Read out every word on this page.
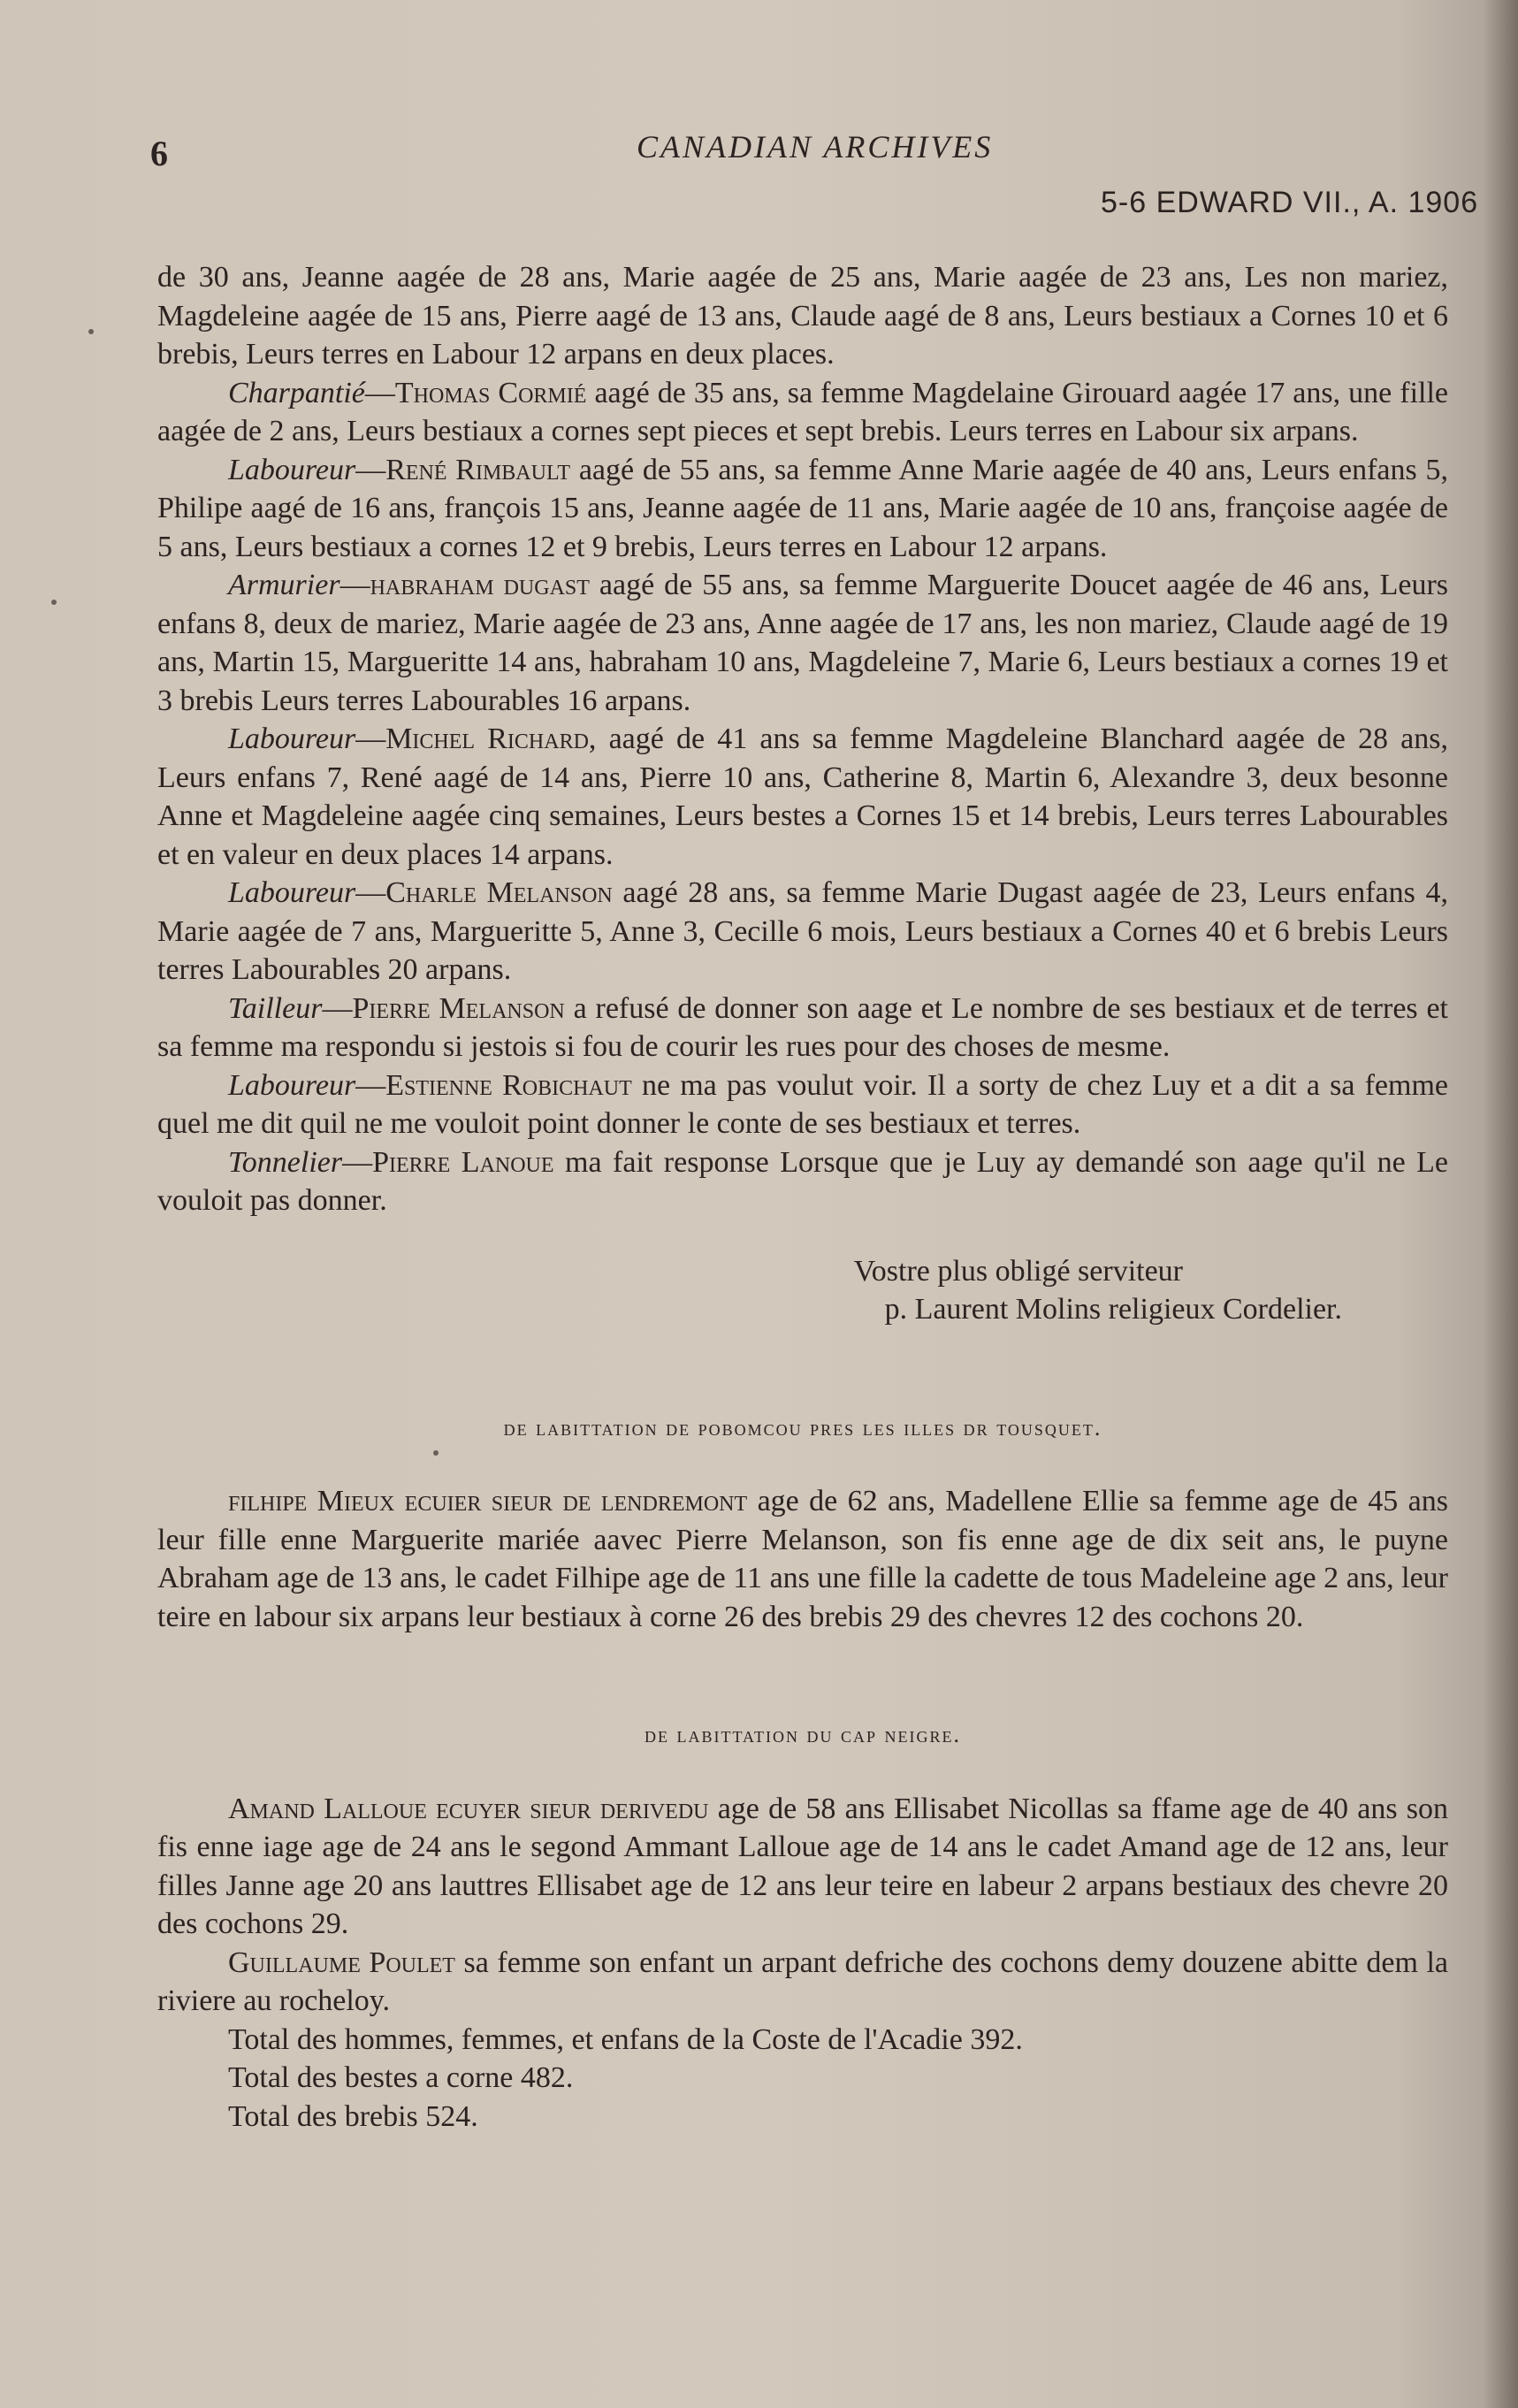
6	CANADIAN ARCHIVES
5-6 EDWARD VII., A. 1906

de 30 ans, Jeanne aagée de 28 ans, Marie aagée de 25 ans, Marie aagée de 23 ans, Les non mariez, Magdeleine aagée de 15 ans, Pierre aagé de 13 ans, Claude aagé de 8 ans, Leurs bestiaux a Cornes 10 et 6 brebis, Leurs terres en Labour 12 arpans en deux places.

Charpantié—Thomas Cormié aagé de 35 ans, sa femme Magdelaine Girouard aagée 17 ans, une fille aagée de 2 ans, Leurs bestiaux a cornes sept pieces et sept brebis. Leurs terres en Labour six arpans.

Laboureur—René Rimbault aagé de 55 ans, sa femme Anne Marie aagée de 40 ans, Leurs enfans 5, Philipe aagé de 16 ans, françois 15 ans, Jeanne aagée de 11 ans, Marie aagée de 10 ans, françoise aagée de 5 ans, Leurs bestiaux a cornes 12 et 9 brebis, Leurs terres en Labour 12 arpans.

Armurier—habraham dugast aagé de 55 ans, sa femme Marguerite Doucet aagée de 46 ans, Leurs enfans 8, deux de mariez, Marie aagée de 23 ans, Anne aagée de 17 ans, les non mariez, Claude aagé de 19 ans, Martin 15, Margueritte 14 ans, habraham 10 ans, Magdeleine 7, Marie 6, Leurs bestiaux a cornes 19 et 3 brebis Leurs terres Labourables 16 arpans.

Laboureur—Michel Richard, aagé de 41 ans sa femme Magdeleine Blanchard aagée de 28 ans, Leurs enfans 7, René aagé de 14 ans, Pierre 10 ans, Catherine 8, Martin 6, Alexandre 3, deux besonne Anne et Magdeleine aagée cinq semaines, Leurs bestes a Cornes 15 et 14 brebis, Leurs terres Labourables et en valeur en deux places 14 arpans.

Laboureur—Charle Melanson aagé 28 ans, sa femme Marie Dugast aagée de 23, Leurs enfans 4, Marie aagée de 7 ans, Margueritte 5, Anne 3, Cecille 6 mois, Leurs bestiaux a Cornes 40 et 6 brebis Leurs terres Labourables 20 arpans.

Tailleur—Pierre Melanson a refusé de donner son aage et Le nombre de ses bestiaux et de terres et sa femme ma respondu si jestois si fou de courir les rues pour des choses de mesme.

Laboureur—Estienne Robichaut ne ma pas voulut voir. Il a sorty de chez Luy et a dit a sa femme quel me dit quil ne me vouloit point donner le conte de ses bestiaux et terres.

Tonnelier—Pierre Lanoue ma fait response Lorsque que je Luy ay demandé son aage qu'il ne Le vouloit pas donner.

Vostre plus obligé serviteur

p. Laurent Molins religieux Cordelier.

de labittation de pobomcou pres les illes dr tousquet.

filhipe Mieux ecuier sieur de lendremont age de 62 ans, Madellene Ellie sa femme age de 45 ans leur fille enne Marguerite mariée aavec Pierre Melanson, son fis enne age de dix seit ans, le puyne Abraham age de 13 ans, le cadet Filhipe age de 11 ans une fille la cadette de tous Madeleine age 2 ans, leur teire en labour six arpans leur bestiaux à corne 26 des brebis 29 des chevres 12 des cochons 20.

de labittation du cap neigre.

Amand Lalloue ecuyer sieur derivedu age de 58 ans Ellisabet Nicollas sa ffame age de 40 ans son fis enne iage age de 24 ans le segond Ammant Lalloue age de 14 ans le cadet Amand age de 12 ans, leur filles Janne age 20 ans lauttres Ellisabet age de 12 ans leur teire en labeur 2 arpans bestiaux des chevre 20 des cochons 29.

Guillaume Poulet sa femme son enfant un arpant defriche des cochons demy douzene abitte dem la riviere au rocheloy.

Total des hommes, femmes, et enfans de la Coste de l'Acadie 392.

Total des bestes a corne 482.

Total des brebis 524.
